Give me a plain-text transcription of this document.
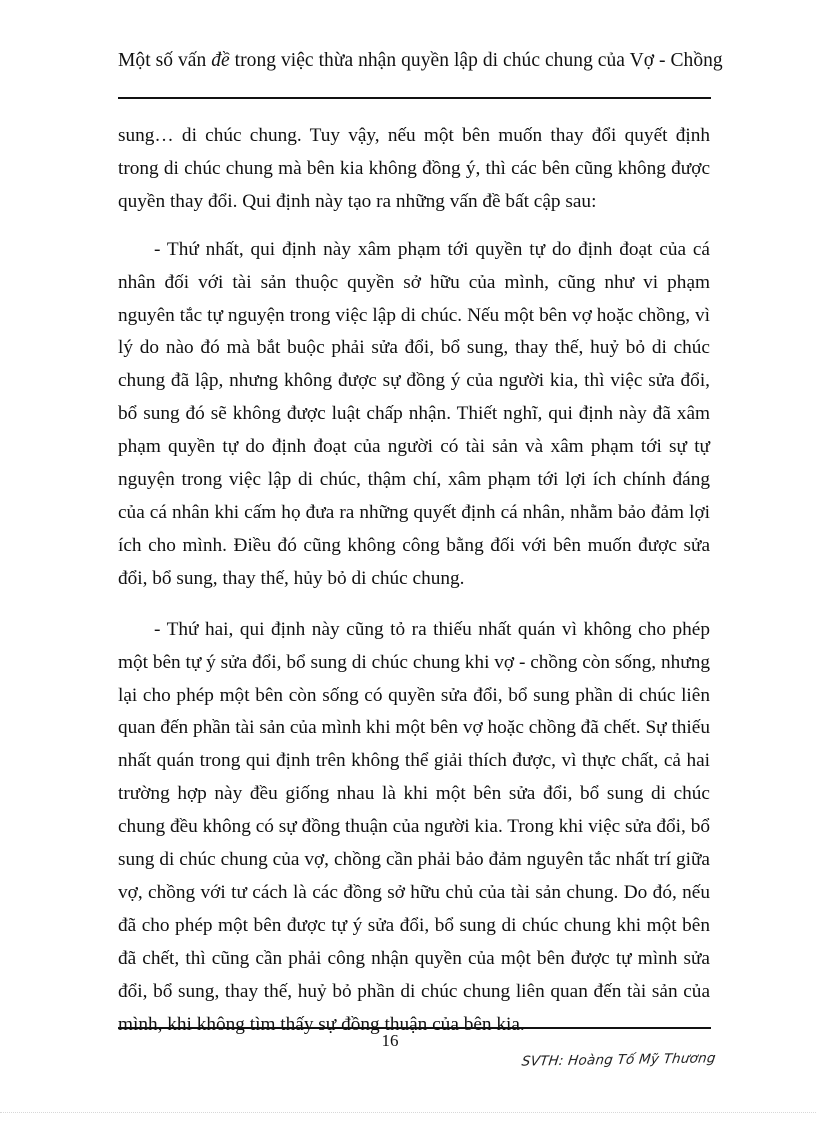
Một số vấn đề trong việc thừa nhận quyền lập di chúc chung của Vợ - Chồng

sung… di chúc chung. Tuy vậy, nếu một bên muốn thay đổi quyết định trong di chúc chung mà bên kia không đồng ý, thì các bên cũng không được quyền thay đổi. Qui định này tạo ra những vấn đề bất cập sau:

- Thứ nhất, qui định này xâm phạm tới quyền tự do định đoạt của cá nhân đối với tài sản thuộc quyền sở hữu của mình, cũng như vi phạm nguyên tắc tự nguyện trong việc lập di chúc. Nếu một bên vợ hoặc chồng, vì lý do nào đó mà bắt buộc phải sửa đổi, bổ sung, thay thế, huỷ bỏ di chúc chung đã lập, nhưng không được sự đồng ý của người kia, thì việc sửa đổi, bổ sung đó sẽ không được luật chấp nhận. Thiết nghĩ, qui định này đã xâm phạm quyền tự do định đoạt của người có tài sản và xâm phạm tới sự tự nguyện trong việc lập di chúc, thậm chí, xâm phạm tới lợi ích chính đáng của cá nhân khi cấm họ đưa ra những quyết định cá nhân, nhằm bảo đảm lợi ích cho mình. Điều đó cũng không công bằng đối với bên muốn được sửa đổi, bổ sung, thay thế, hủy bỏ di chúc chung.

- Thứ hai, qui định này cũng tỏ ra thiếu nhất quán vì không cho phép một bên tự ý sửa đổi, bổ sung di chúc chung khi vợ - chồng còn sống, nhưng lại cho phép một bên còn sống có quyền sửa đổi, bổ sung phần di chúc liên quan đến phần tài sản của mình khi một bên vợ hoặc chồng đã chết. Sự thiếu nhất quán trong qui định trên không thể giải thích được, vì thực chất, cả hai trường hợp này đều giống nhau là khi một bên sửa đổi, bổ sung di chúc chung đều không có sự đồng thuận của người kia. Trong khi việc sửa đổi, bổ sung di chúc chung của vợ, chồng cần phải bảo đảm nguyên tắc nhất trí giữa vợ, chồng với tư cách là các đồng sở hữu chủ của tài sản chung. Do đó, nếu đã cho phép một bên được tự ý sửa đổi, bổ sung di chúc chung khi một bên đã chết, thì cũng cần phải công nhận quyền của một bên được tự mình sửa đổi, bổ sung, thay thế, huỷ bỏ phần di chúc chung liên quan đến tài sản của mình, khi không tìm thấy sự đồng thuận của bên kia.

16
SVTH: Hoàng Tố Mỹ Thương
